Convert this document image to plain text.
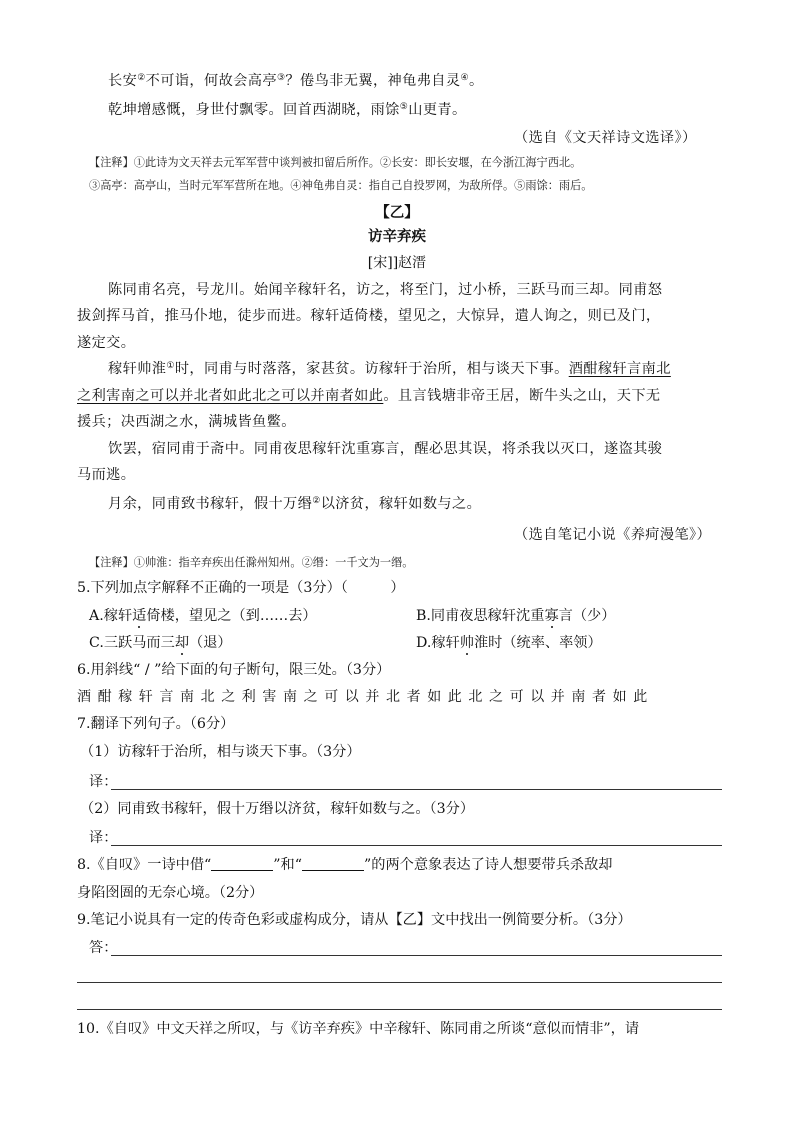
长安②不可诣，何故会高亭③？倦鸟非无翼，神龟弗自灵④。
乾坤增感慨，身世付飘零。回首西湖晓，雨馀⑤山更青。
（选自《文天祥诗文选译》）
【注释】①此诗为文天祥去元军军营中谈判被扣留后所作。②长安：即长安堰，在今浙江海宁西北。
③高亭：高亭山，当时元军军营所在地。④神龟弗自灵：指自己自投罗网，为敌所俘。⑤雨馀：雨后。
【乙】
访辛弃疾
[宋]]赵溍
陈同甫名亮，号龙川。始闻辛稼轩名，访之，将至门，过小桥，三跃马而三却。同甫怒
拔剑挥马首，推马仆地，徒步而进。稼轩适倚楼，望见之，大惊异，遣人询之，则已及门，
遂定交。
稼轩帅淮①时，同甫与时落落，家甚贫。访稼轩于治所，相与谈天下事。酒酣稼轩言南北
之利害南之可以并北者如此北之可以并南者如此。且言钱塘非帝王居，断牛头之山，天下无
援兵；决西湖之水，满城皆鱼鳖。
饮罢，宿同甫于斋中。同甫夜思稼轩沈重寡言，醒必思其误，将杀我以灭口，遂盗其骏
马而逃。
月余，同甫致书稼轩，假十万缗②以济贫，稼轩如数与之。
（选自笔记小说《养疴漫笔》）
【注释】①帅淮：指辛弃疾出任滁州知州。②缗：一千文为一缗。
5.下列加点字解释不正确的一项是（3分）（　　　）
A.稼轩适倚楼，望见之（到……去）	B.同甫夜思稼轩沈重寡言（少）
C.三跃马而三却（退）	D.稼轩帅淮时（统率、率领）
6.用斜线“ / ”给下面的句子断句，限三处。（3分）
酒酣稼轩言南北之利害南之可以并北者如此北之可以并南者如此
7.翻译下列句子。（6分）
（1）访稼轩于治所，相与谈天下事。（3分）
译：
（2）同甫致书稼轩，假十万缗以济贫，稼轩如数与之。（3分）
译：
8.《自叹》一诗中借“	”和“	”的两个意象表达了诗人想要带兵杀敌却
身陷囹圄的无奈心境。（2分）
9.笔记小说具有一定的传奇色彩或虚构成分，请从【乙】文中找出一例简要分析。（3分）
答：
10.《自叹》中文天祥之所叹，与《访辛弃疾》中辛稼轩、陈同甫之所谈“意似而情非”，请
